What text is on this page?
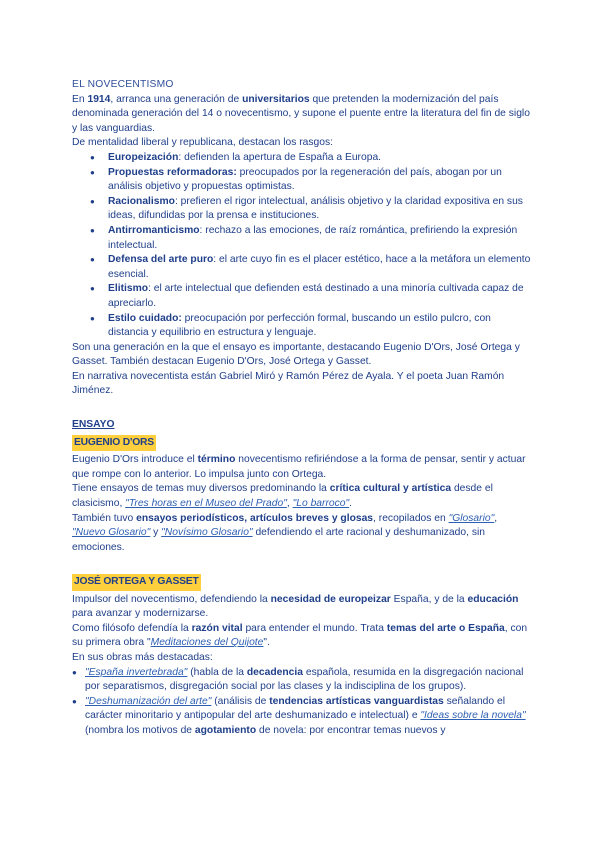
EL NOVECENTISMO

En 1914, arranca una generación de universitarios que pretenden la modernización del país denominada generación del 14 o novecentismo, y supone el puente entre la literatura del fin de siglo y las vanguardias.

De mentalidad liberal y republicana, destacan los rasgos:

● Europeización: defienden la apertura de España a Europa.
● Propuestas reformadoras: preocupados por la regeneración del país, abogan por un análisis objetivo y propuestas optimistas.
● Racionalismo: prefieren el rigor intelectual, análisis objetivo y la claridad expositiva en sus ideas, difundidas por la prensa e instituciones.
● Antirromanticismo: rechazo a las emociones, de raíz romántica, prefiriendo la expresión intelectual.
● Defensa del arte puro: el arte cuyo fin es el placer estético, hace a la metáfora un elemento esencial.
● Elitismo: el arte intelectual que defienden está destinado a una minoría cultivada capaz de apreciarlo.
● Estilo cuidado: preocupación por perfección formal, buscando un estilo pulcro, con distancia y equilibrio en estructura y lenguaje.

Son una generación en la que el ensayo es importante, destacando Eugenio D'Ors, José Ortega y Gasset. También destacan Eugenio D'Ors, José Ortega y Gasset.

En narrativa novecentista están Gabriel Miró y Ramón Pérez de Ayala. Y el poeta Juan Ramón Jiménez.

ENSAYO

EUGENIO D'ORS

Eugenio D'Ors introduce el término novecentismo refiriéndose a la forma de pensar, sentir y actuar que rompe con lo anterior. Lo impulsa junto con Ortega.

Tiene ensayos de temas muy diversos predominando la crítica cultural y artística desde el clasicismo, "Tres horas en el Museo del Prado", "Lo barroco".

También tuvo ensayos periodísticos, artículos breves y glosas, recopilados en "Glosario", "Nuevo Glosario" y "Novísimo Glosario" defendiendo el arte racional y deshumanizado, sin emociones.

JOSÉ ORTEGA Y GASSET

Impulsor del novecentismo, defendiendo la necesidad de europeizar España, y de la educación para avanzar y modernizarse.

Como filósofo defendía la razón vital para entender el mundo. Trata temas del arte o España, con su primera obra "Meditaciones del Quijote".

En sus obras más destacadas:

● "España invertebrada" (habla de la decadencia española, resumida en la disgregación nacional por separatismos, disgregación social por las clases y la indisciplina de los grupos).
● "Deshumanización del arte" (análisis de tendencias artísticas vanguardistas señalando el carácter minoritario y antipopular del arte deshumanizado e intelectual) e "Ideas sobre la novela" (nombra los motivos de agotamiento de novela: por encontrar temas nuevos y
